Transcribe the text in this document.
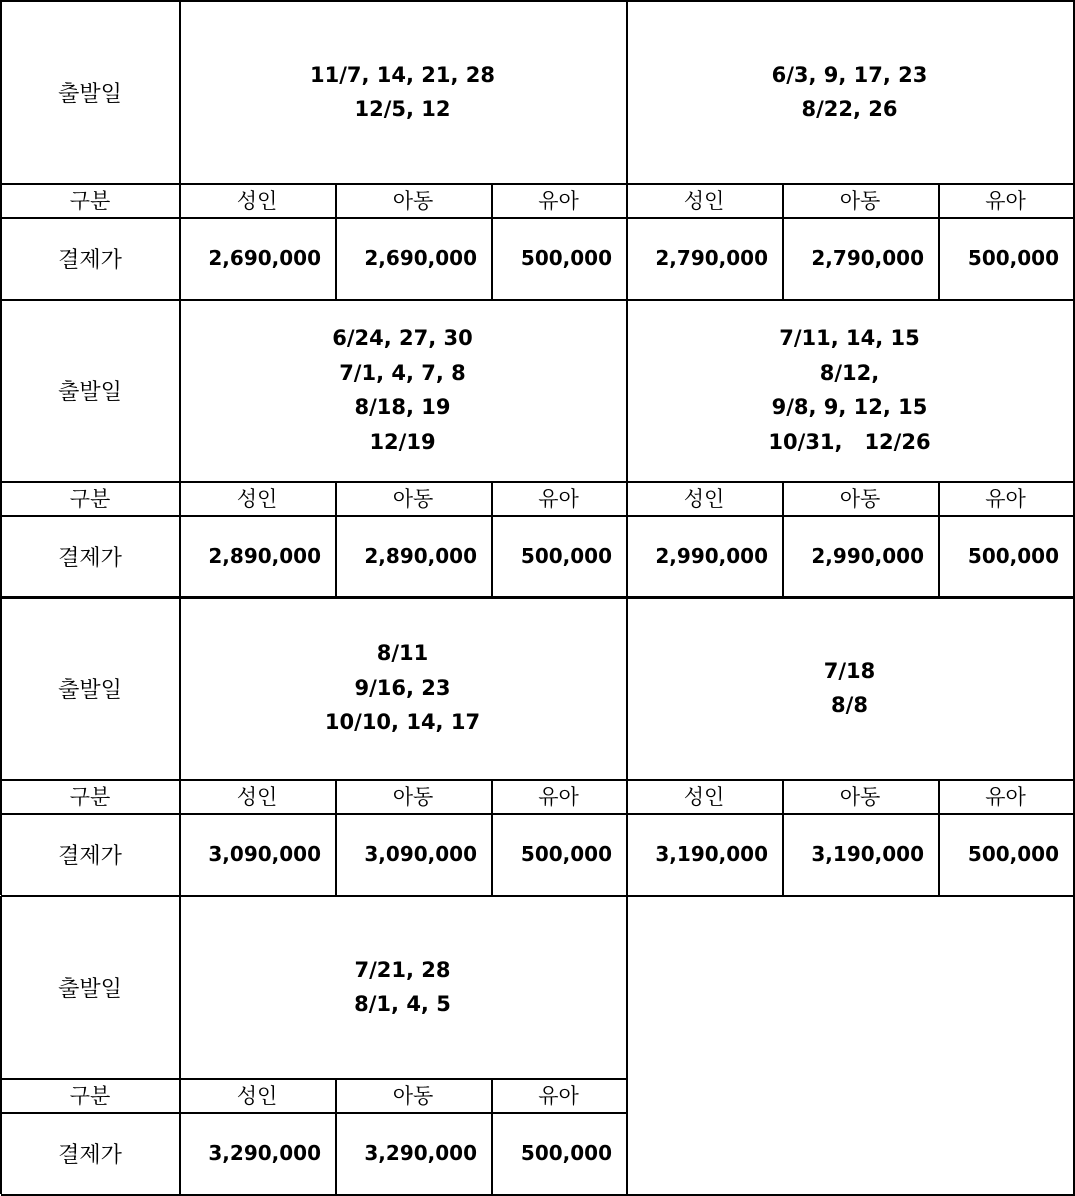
출발일
구분
결제가
11/7, 14, 21, 28
12/5, 12
성인
2,690,000
아동
2,690,000
유아
500,000
6/3, 9, 17, 23
8/22, 26
성인
2,790,000
아동
2,790,000
유아
500,000
출발일
구분
결제가
6/24, 27, 30
7/1, 4, 7, 8
8/18, 19
12/19
성인
2,890,000
아동
2,890,000
유아
500,000
7/11, 14, 15
8/12,
9/8, 9, 12, 15
10/31,   12/26
성인
2,990,000
아동
2,990,000
유아
500,000
출발일
구분
결제가
8/11
9/16, 23
10/10, 14, 17
성인
3,090,000
아동
3,090,000
유아
500,000
7/18
8/8
성인
3,190,000
아동
3,190,000
유아
500,000
출발일
구분
결제가
7/21, 28
8/1, 4, 5
성인
3,290,000
아동
3,290,000
유아
500,000
